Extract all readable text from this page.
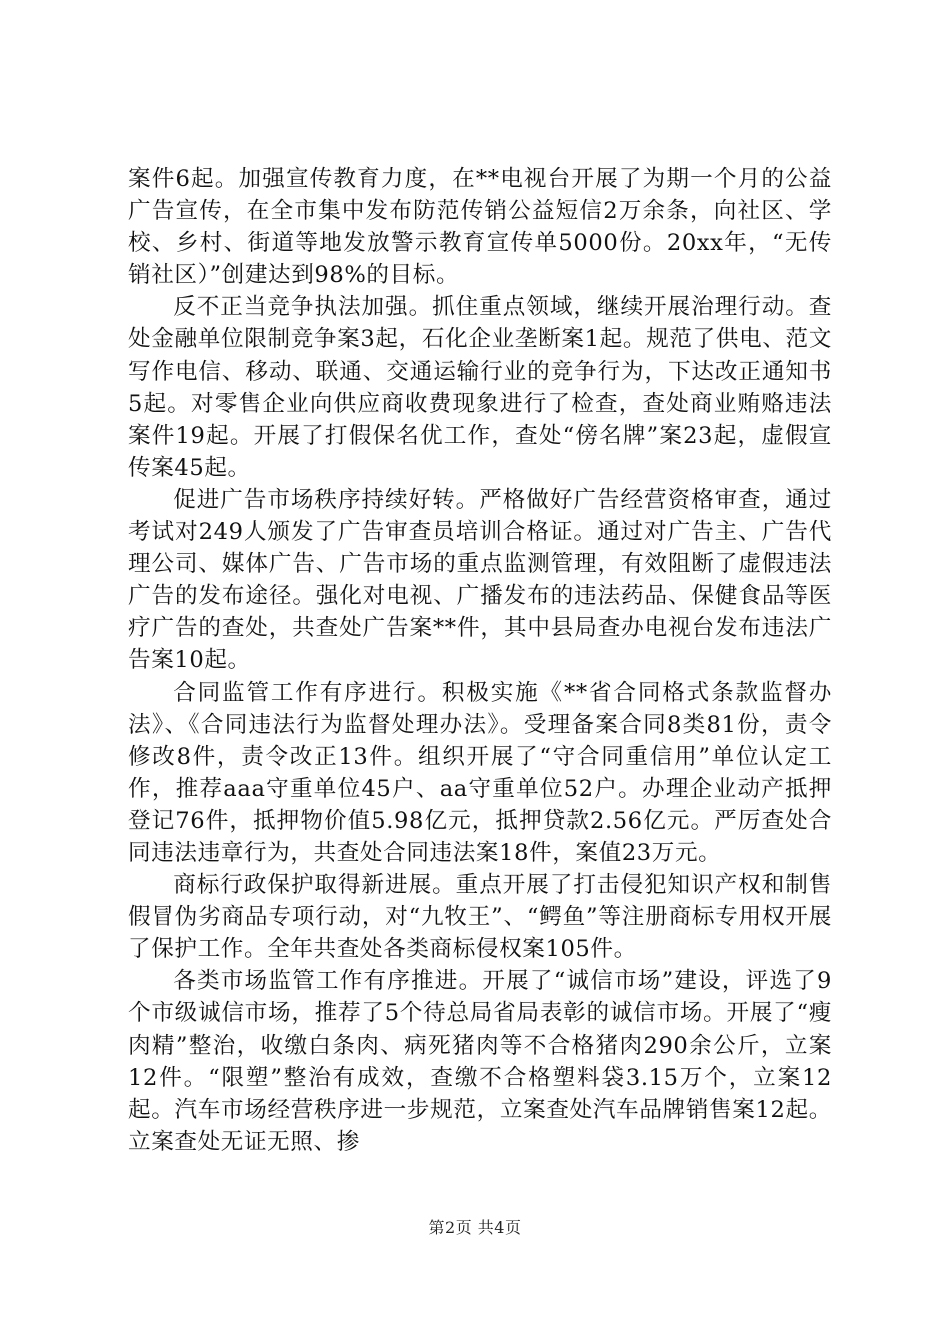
案件6起。加强宣传教育力度，在**电视台开展了为期一个月的公益广告宣传，在全市集中发布防范传销公益短信2万余条，向社区、学校、乡村、街道等地发放警示教育宣传单5000份。20xx年，“无传销社区）”创建达到98%的目标。

反不正当竞争执法加强。抓住重点领域，继续开展治理行动。查处金融单位限制竞争案3起，石化企业垄断案1起。规范了供电、范文写作电信、移动、联通、交通运输行业的竞争行为，下达改正通知书5起。对零售企业向供应商收费现象进行了检查，查处商业贿赂违法案件19起。开展了打假保名优工作，查处“傍名牌”案23起，虚假宣传案45起。

促进广告市场秩序持续好转。严格做好广告经营资格审查，通过考试对249人颁发了广告审查员培训合格证。通过对广告主、广告代理公司、媒体广告、广告市场的重点监测管理，有效阻断了虚假违法广告的发布途径。强化对电视、广播发布的违法药品、保健食品等医疗广告的查处，共查处广告案**件，其中县局查办电视台发布违法广告案10起。

合同监管工作有序进行。积极实施《**省合同格式条款监督办法》、《合同违法行为监督处理办法》。受理备案合同8类81份，责令修改8件，责令改正13件。组织开展了“守合同重信用”单位认定工作，推荐aaa守重单位45户、aa守重单位52户。办理企业动产抵押登记76件，抵押物价值5.98亿元，抵押贷款2.56亿元。严厉查处合同违法违章行为，共查处合同违法案18件，案值23万元。

商标行政保护取得新进展。重点开展了打击侵犯知识产权和制售假冒伪劣商品专项行动，对“九牧王”、“鳄鱼”等注册商标专用权开展了保护工作。全年共查处各类商标侵权案105件。

各类市场监管工作有序推进。开展了“诚信市场”建设，评选了9个市级诚信市场，推荐了5个待总局省局表彰的诚信市场。开展了“瘦肉精”整治，收缴白条肉、病死猪肉等不合格猪肉290余公斤，立案12件。“限塑”整治有成效，查缴不合格塑料袋3.15万个，立案12起。汽车市场经营秩序进一步规范，立案查处汽车品牌销售案12起。立案查处无证无照、掺

第2页 共4页
